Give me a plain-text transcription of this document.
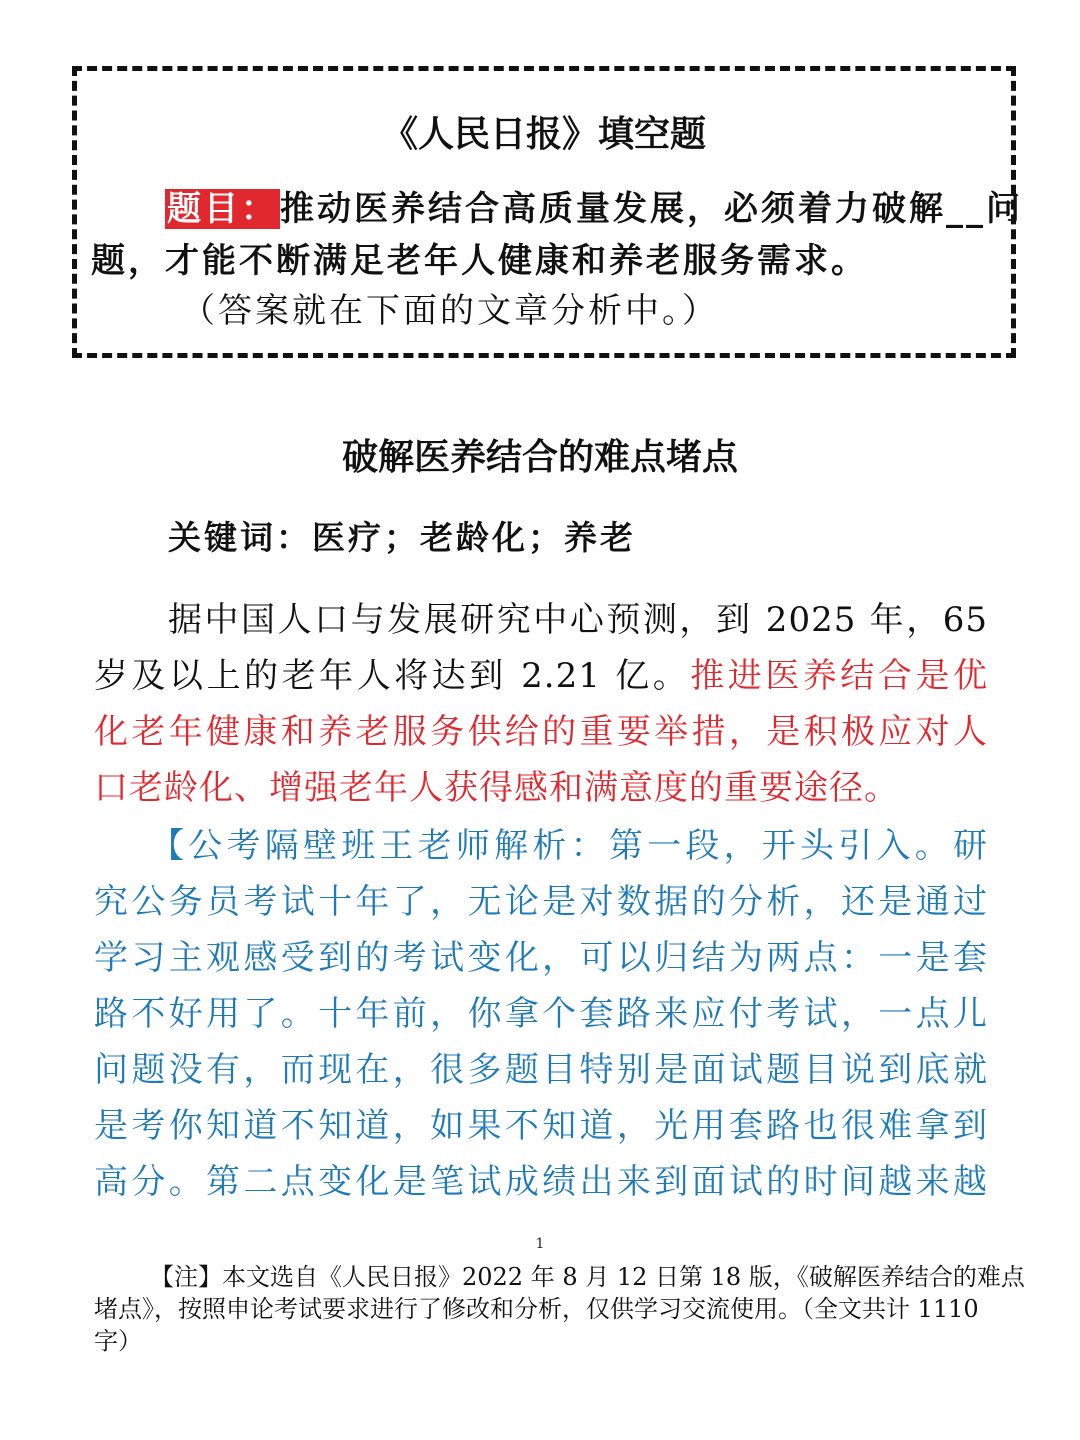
《人民日报》填空题
题目：推动医养结合高质量发展，必须着力破解__问
题，才能不断满足老年人健康和养老服务需求。
（答案就在下面的文章分析中。）
破解医养结合的难点堵点
关键词：医疗；老龄化；养老
据中国人口与发展研究中心预测，到 2025 年，65
岁及以上的老年人将达到 2.21 亿。推进医养结合是优
化老年健康和养老服务供给的重要举措，是积极应对人
口老龄化、增强老年人获得感和满意度的重要途径。
【公考隔壁班王老师解析：第一段，开头引入。研
究公务员考试十年了，无论是对数据的分析，还是通过
学习主观感受到的考试变化，可以归结为两点：一是套
路不好用了。十年前，你拿个套路来应付考试，一点儿
问题没有，而现在，很多题目特别是面试题目说到底就
是考你知道不知道，如果不知道，光用套路也很难拿到
高分。第二点变化是笔试成绩出来到面试的时间越来越
1
【注】本文选自《人民日报》2022 年 8 月 12 日第 18 版，《破解医养结合的难点
堵点》，按照申论考试要求进行了修改和分析，仅供学习交流使用。（全文共计 1110
字）
